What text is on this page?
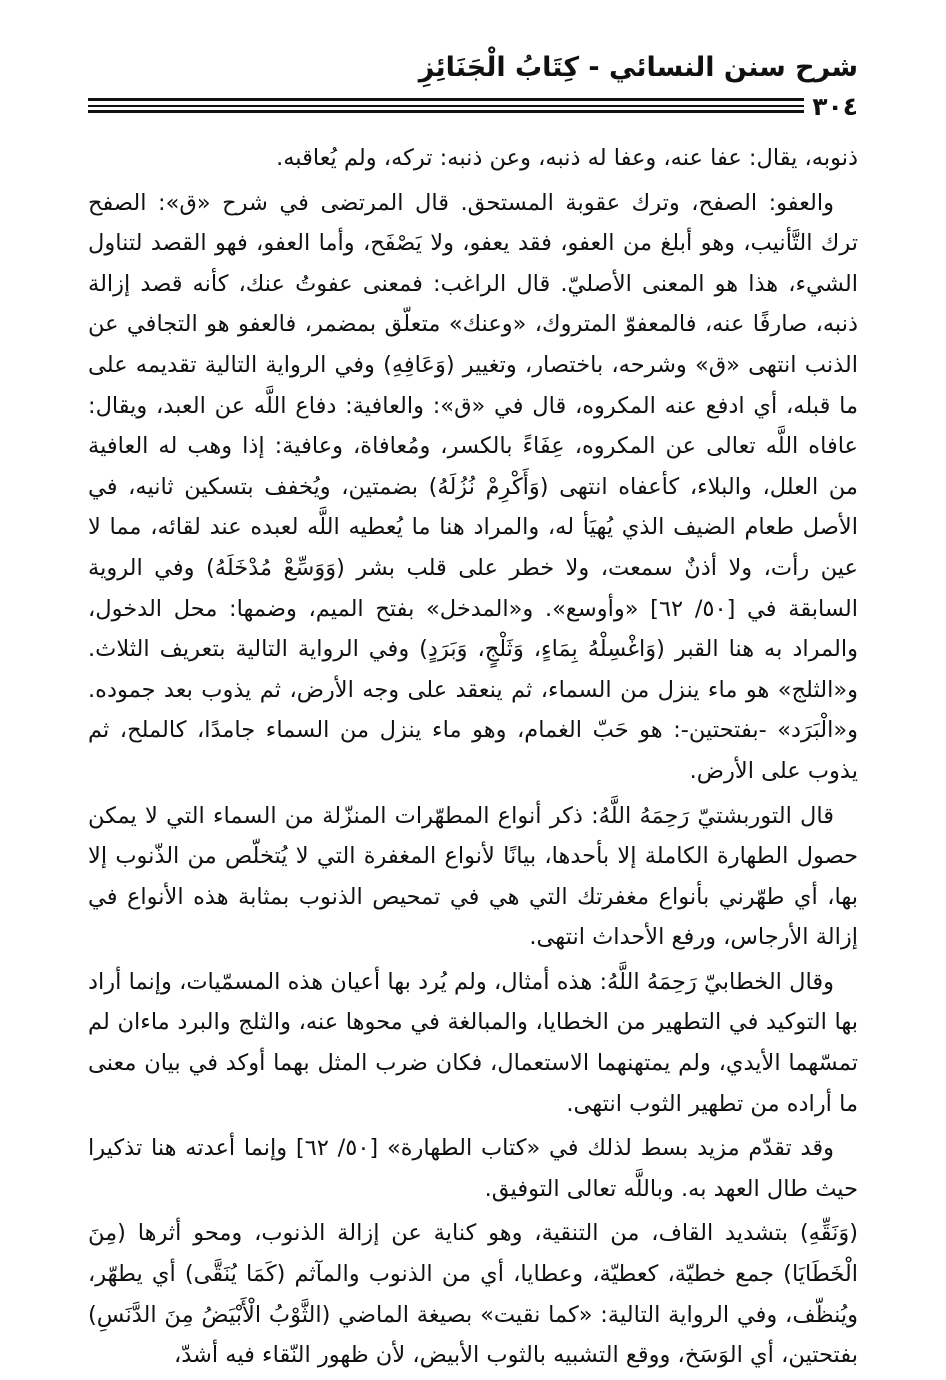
شرح سنن النسائي - كِتَابُ الْجَنَائِزِ
٣٠٤

ذنوبه، يقال: عفا عنه، وعفا له ذنبه، وعن ذنبه: تركه، ولم يُعاقبه.

والعفو: الصفح، وترك عقوبة المستحق. قال المرتضى في شرح «ق»: الصفح ترك التَّأنيب، وهو أبلغ من العفو، فقد يعفو، ولا يَصْفَح، وأما العفو، فهو القصد لتناول الشيء، هذا هو المعنى الأصليّ. قال الراغب: فمعنى عفوتُ عنك، كأنه قصد إزالة ذنبه، صارفًا عنه، فالمعفوّ المتروك، «وعنك» متعلّق بمضمر، فالعفو هو التجافي عن الذنب انتهى «ق» وشرحه، باختصار، وتغيير (وَعَافِهِ) وفي الرواية التالية تقديمه على ما قبله، أي ادفع عنه المكروه، قال في «ق»: والعافية: دفاع اللَّه عن العبد، ويقال: عافاه اللَّه تعالى عن المكروه، عِفَاءً بالكسر، ومُعافاة، وعافية: إذا وهب له العافية من العلل، والبلاء، كأعفاه انتهى (وَأَكْرِمْ نُزُلَهُ) بضمتين، ويُخفف بتسكين ثانيه، في الأصل طعام الضيف الذي يُهيَأ له، والمراد هنا ما يُعطيه اللَّه لعبده عند لقائه، مما لا عين رأت، ولا أذنٌ سمعت، ولا خطر على قلب بشر (وَوَسِّعْ مُدْخَلَهُ) وفي الروية السابقة في [٥٠/ ٦٢] «وأوسع». و«المدخل» بفتح الميم، وضمها: محل الدخول، والمراد به هنا القبر (وَاغْسِلْهُ بِمَاءٍ، وَثَلْجٍ، وَبَرَدٍ) وفي الرواية التالية بتعريف الثلاث. و«الثلج» هو ماء ينزل من السماء، ثم ينعقد على وجه الأرض، ثم يذوب بعد جموده. و«الْبَرَد» -بفتحتين-: هو حَبّ الغمام، وهو ماء ينزل من السماء جامدًا، كالملح، ثم يذوب على الأرض.

قال التوربشتيّ رَحِمَهُ اللَّهُ: ذكر أنواع المطهّرات المنزّلة من السماء التي لا يمكن حصول الطهارة الكاملة إلا بأحدها، بيانًا لأنواع المغفرة التي لا يُتخلّص من الذّنوب إلا بها، أي طهّرني بأنواع مغفرتك التي هي في تمحيص الذنوب بمثابة هذه الأنواع في إزالة الأرجاس، ورفع الأحداث انتهى.

وقال الخطابيّ رَحِمَهُ اللَّهُ: هذه أمثال، ولم يُرد بها أعيان هذه المسمّيات، وإنما أراد بها التوكيد في التطهير من الخطايا، والمبالغة في محوها عنه، والثلج والبرد ماءان لم تمسّهما الأيدي، ولم يمتهنهما الاستعمال، فكان ضرب المثل بهما أوكد في بيان معنى ما أراده من تطهير الثوب انتهى.

وقد تقدّم مزيد بسط لذلك في «كتاب الطهارة» [٥٠/ ٦٢] وإنما أعدته هنا تذكيرا حيث طال العهد به. وباللَّه تعالى التوفيق.

(وَنَقِّهِ) بتشديد القاف، من التنقية، وهو كناية عن إزالة الذنوب، ومحو أثرها (مِنَ الْخَطَايَا) جمع خطيّة، كعطيّة، وعطايا، أي من الذنوب والمآثم (كَمَا يُنَقَّى) أي يطهّر، ويُنظّف، وفي الرواية التالية: «كما نقيت» بصيغة الماضي (الثَّوْبُ الْأَبْيَضُ مِنَ الدَّنَسِ) بفتحتين، أي الوَسَخ، ووقع التشبيه بالثوب الأبيض، لأن ظهور النّقاء فيه أشدّ،
